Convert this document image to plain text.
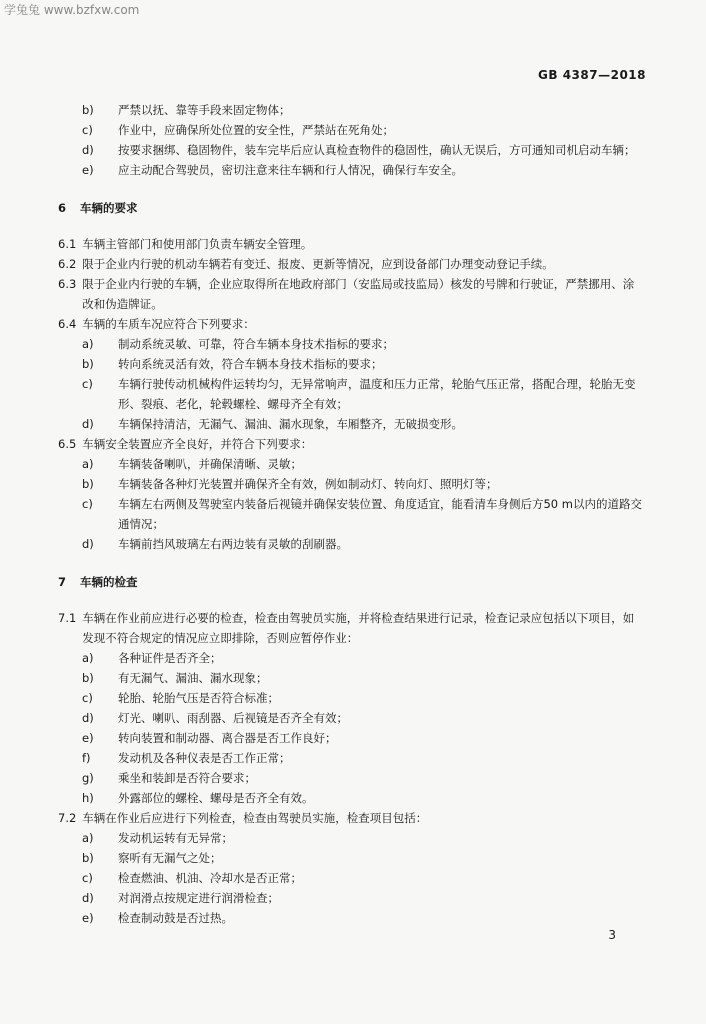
学兔兔 www.bzfxw.com
GB 4387—2018
b)	严禁以抚、靠等手段来固定物体；
c)	作业中，应确保所处位置的安全性，严禁站在死角处；
d)	按要求捆绑、稳固物件，装车完毕后应认真检查物件的稳固性，确认无误后，方可通知司机启动车辆；
e)	应主动配合驾驶员，密切注意来往车辆和行人情况，确保行车安全。
6 车辆的要求
6.1 车辆主管部门和使用部门负责车辆安全管理。
6.2 限于企业内行驶的机动车辆若有变迁、报废、更新等情况，应到设备部门办理变动登记手续。
6.3 限于企业内行驶的车辆，企业应取得所在地政府部门（安监局或技监局）核发的号牌和行驶证，严禁挪用、涂改和伪造牌证。
6.4 车辆的车质车况应符合下列要求：
a)	制动系统灵敏、可靠，符合车辆本身技术指标的要求；
b)	转向系统灵活有效，符合车辆本身技术指标的要求；
c)	车辆行驶传动机械构件运转均匀，无异常响声，温度和压力正常，轮胎气压正常，搭配合理，轮胎无变形、裂痕、老化，轮毂螺栓、螺母齐全有效；
d)	车辆保持清洁，无漏气、漏油、漏水现象，车厢整齐，无破损变形。
6.5 车辆安全装置应齐全良好，并符合下列要求：
a)	车辆装备喇叭，并确保清晰、灵敏；
b)	车辆装备各种灯光装置并确保齐全有效，例如制动灯、转向灯、照明灯等；
c)	车辆左右两侧及驾驶室内装备后视镜并确保安装位置、角度适宜，能看清车身侧后方50 m以内的道路交通情况；
d)	车辆前挡风玻璃左右两边装有灵敏的刮刷器。
7 车辆的检查
7.1 车辆在作业前应进行必要的检查，检查由驾驶员实施，并将检查结果进行记录，检查记录应包括以下项目，如发现不符合规定的情况应立即排除，否则应暂停作业：
a)	各种证件是否齐全；
b)	有无漏气、漏油、漏水现象；
c)	轮胎、轮胎气压是否符合标准；
d)	灯光、喇叭、雨刮器、后视镜是否齐全有效；
e)	转向装置和制动器、离合器是否工作良好；
f)	发动机及各种仪表是否工作正常；
g)	乘坐和装卸是否符合要求；
h)	外露部位的螺栓、螺母是否齐全有效。
7.2 车辆在作业后应进行下列检查，检查由驾驶员实施，检查项目包括：
a)	发动机运转有无异常；
b)	察听有无漏气之处；
c)	检查燃油、机油、冷却水是否正常；
d)	对润滑点按规定进行润滑检查；
e)	检查制动鼓是否过热。
3
